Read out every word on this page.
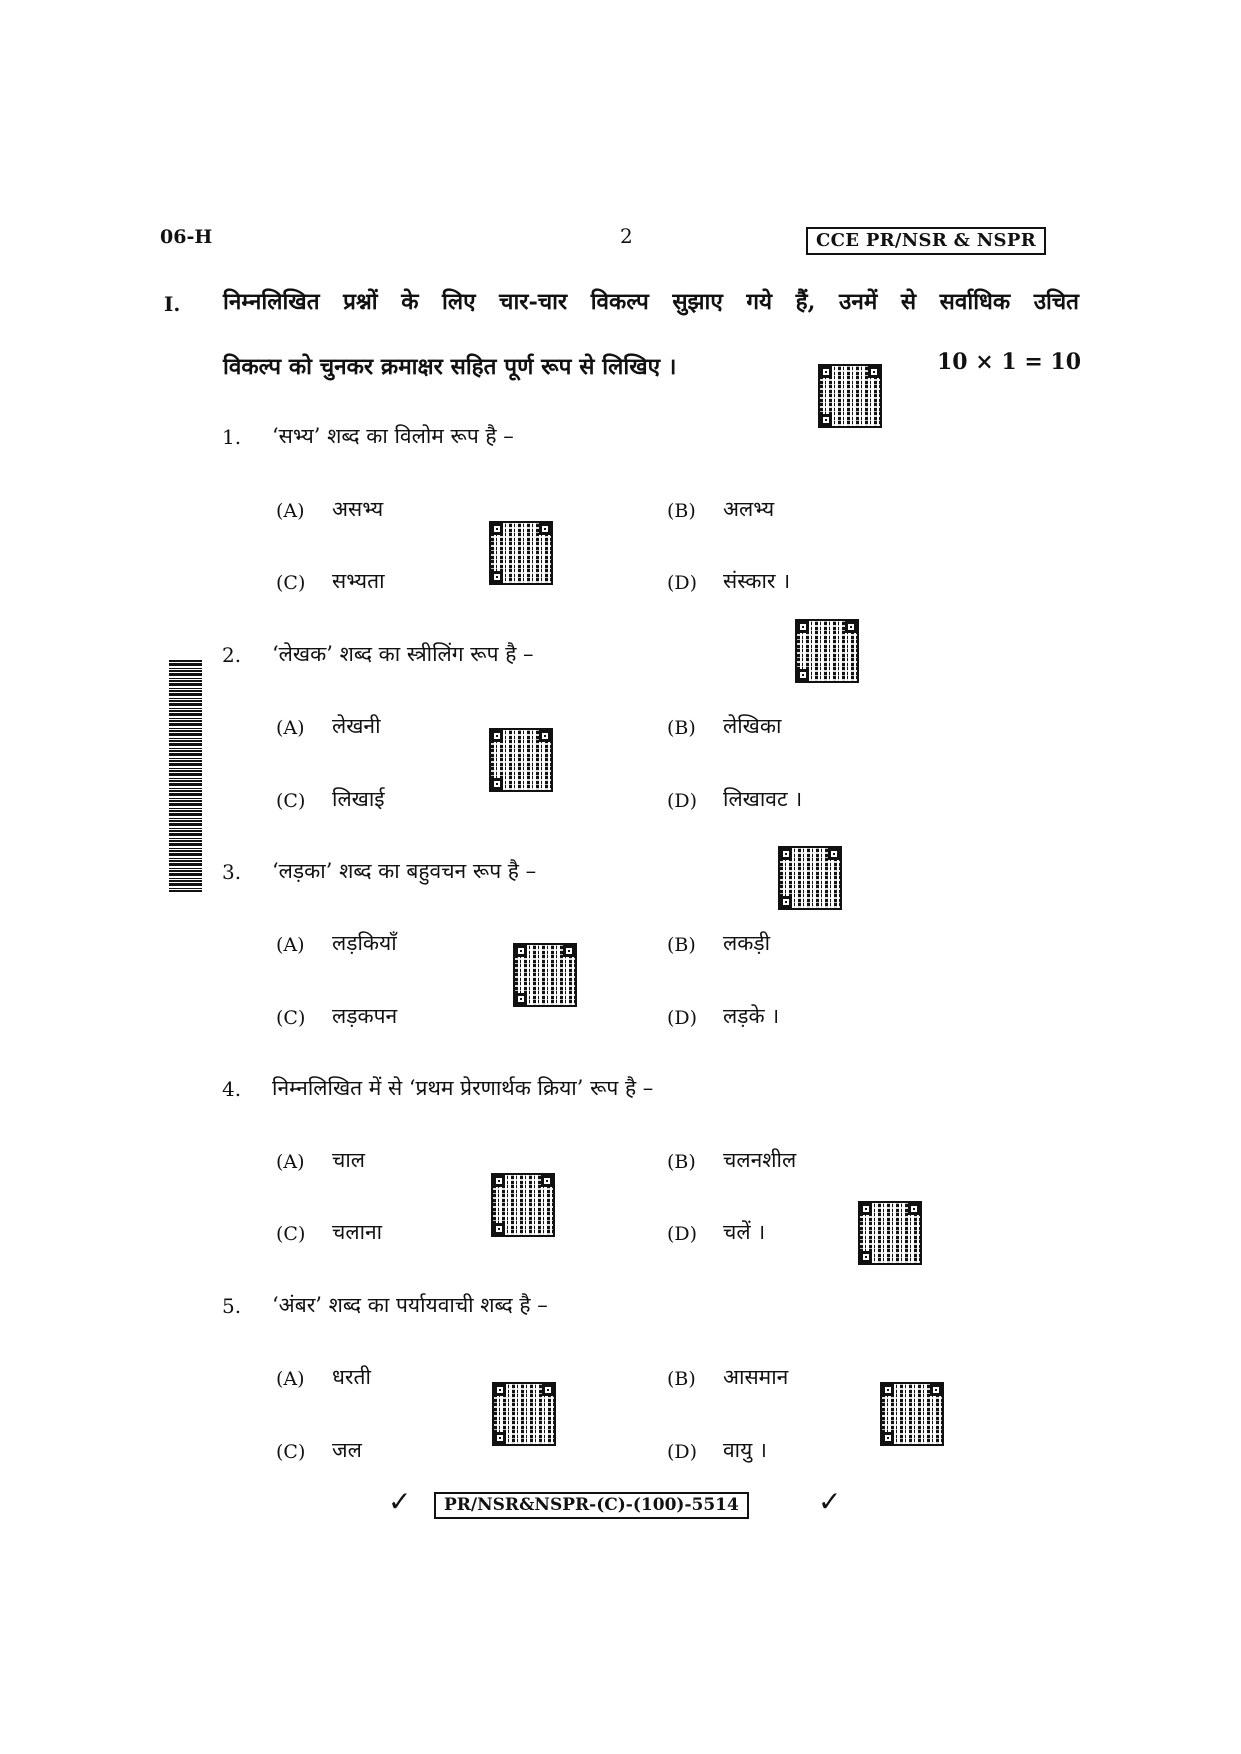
06-H	2	CCE PR/NSR & NSPR
I. निम्नलिखित प्रश्नों के लिए चार-चार विकल्प सुझाए गये हैं, उनमें से सर्वाधिक उचित
विकल्प को चुनकर क्रमाक्षर सहित पूर्ण रूप से लिखिए ।	10 × 1 = 10
1. ‘सभ्य’ शब्द का विलोम रूप है –
(A) असभ्य	(B) अलभ्य
(C) सभ्यता	(D) संस्कार ।
2. ‘लेखक’ शब्द का स्त्रीलिंग रूप है –
(A) लेखनी	(B) लेखिका
(C) लिखाई	(D) लिखावट ।
3. ‘लड़का’ शब्द का बहुवचन रूप है –
(A) लड़कियाँ	(B) लकड़ी
(C) लड़कपन	(D) लड़के ।
4. निम्नलिखित में से ‘प्रथम प्रेरणार्थक क्रिया’ रूप है –
(A) चाल	(B) चलनशील
(C) चलाना	(D) चलें ।
5. ‘अंबर’ शब्द का पर्यायवाची शब्द है –
(A) धरती	(B) आसमान
(C) जल	(D) वायु ।
✓	PR/NSR&NSPR-(C)-(100)-5514	✓
